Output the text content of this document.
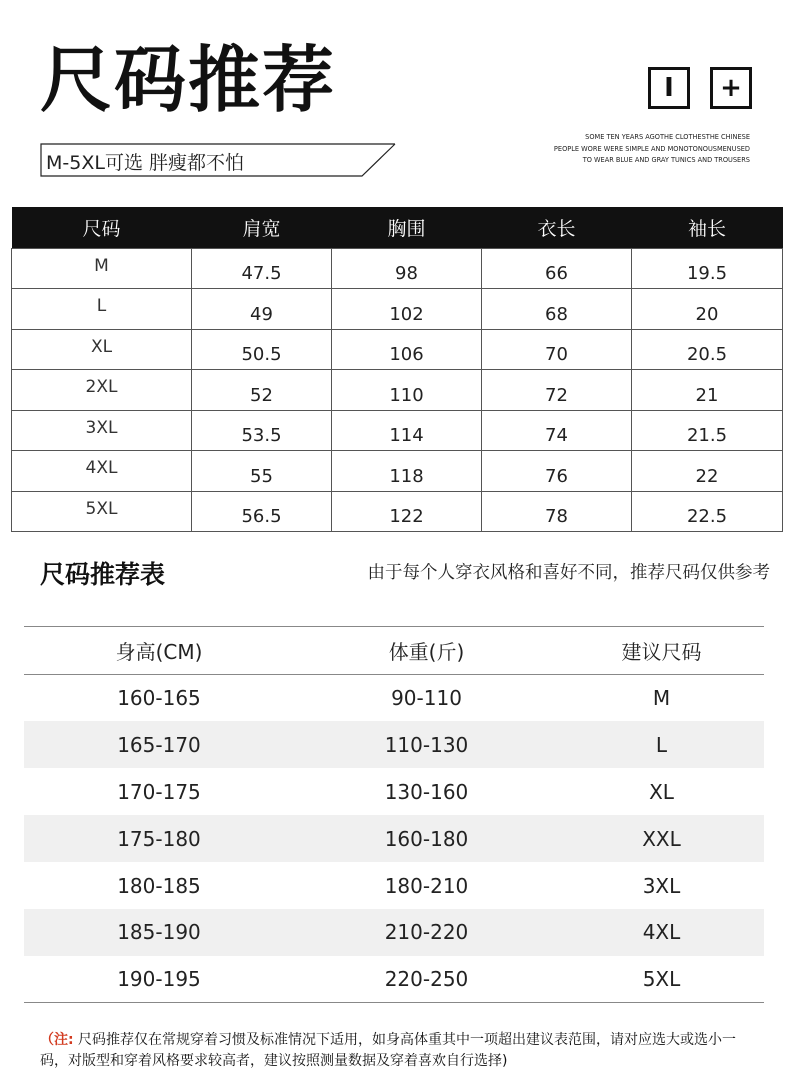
尺码推荐
M-5XL可选 胖瘦都不怕
I	+
SOME TEN YEARS AGOTHE CLOTHESTHE CHINESE
PEOPLE WORE WERE SIMPLE AND MONOTONOUSMENUSED
TO WEAR BLUE AND GRAY TUNICS AND TROUSERS
尺码	肩宽	胸围	衣长	袖长
M	47.5	98	66	19.5
L	49	102	68	20
XL	50.5	106	70	20.5
2XL	52	110	72	21
3XL	53.5	114	74	21.5
4XL	55	118	76	22
5XL	56.5	122	78	22.5
尺码推荐表	由于每个人穿衣风格和喜好不同，推荐尺码仅供参考
身高(CM)	体重(斤)	建议尺码
160-165	90-110	M
165-170	110-130	L
170-175	130-160	XL
175-180	160-180	XXL
180-185	180-210	3XL
185-190	210-220	4XL
190-195	220-250	5XL
（注: 尺码推荐仅在常规穿着习惯及标准情况下适用，如身高体重其中一项超出建议表范围，请对应选大或选小一码，对版型和穿着风格要求较高者，建议按照测量数据及穿着喜欢自行选择)
